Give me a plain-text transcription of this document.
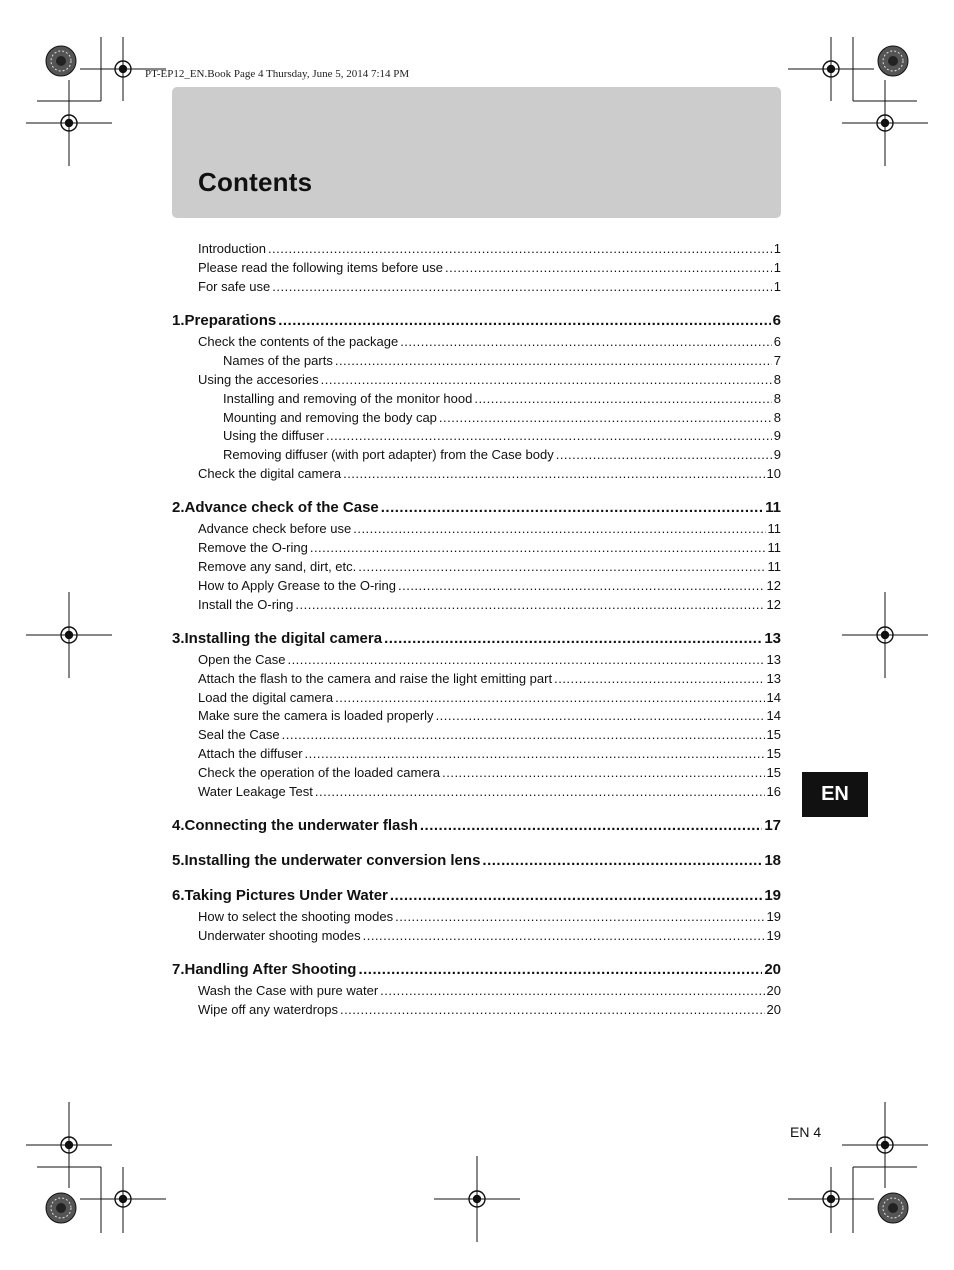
PT-EP12_EN.Book Page 4 Thursday, June 5, 2014 7:14 PM
Contents
Introduction .....	1
Please read the following items before use .....	1
For safe use .....	1
1.Preparations .....	6
Check the contents of the package .....	6
Names of the parts .....	7
Using the accesories .....	8
Installing and removing of the monitor hood .....	8
Mounting and removing the body cap .....	8
Using the diffuser .....	9
Removing diffuser (with port adapter) from the Case body .....	9
Check the digital camera .....	10
2.Advance check of the Case .....	11
Advance check before use .....	11
Remove the O-ring .....	11
Remove any sand, dirt, etc. .....	11
How to Apply Grease to the O-ring .....	12
Install the O-ring .....	12
3.Installing the digital camera .....	13
Open the Case .....	13
Attach the flash to the camera and raise the light emitting part .....	13
Load the digital camera .....	14
Make sure the camera is loaded properly .....	14
Seal the Case .....	15
Attach the diffuser .....	15
Check the operation of the loaded camera .....	15
Water Leakage Test .....	16
4.Connecting the underwater flash .....	17
5.Installing the underwater conversion lens .....	18
6.Taking Pictures Under Water .....	19
How to select the shooting modes .....	19
Underwater shooting modes .....	19
7.Handling After Shooting .....	20
Wash the Case with pure water .....	20
Wipe off any waterdrops .....	20
EN
EN 4
